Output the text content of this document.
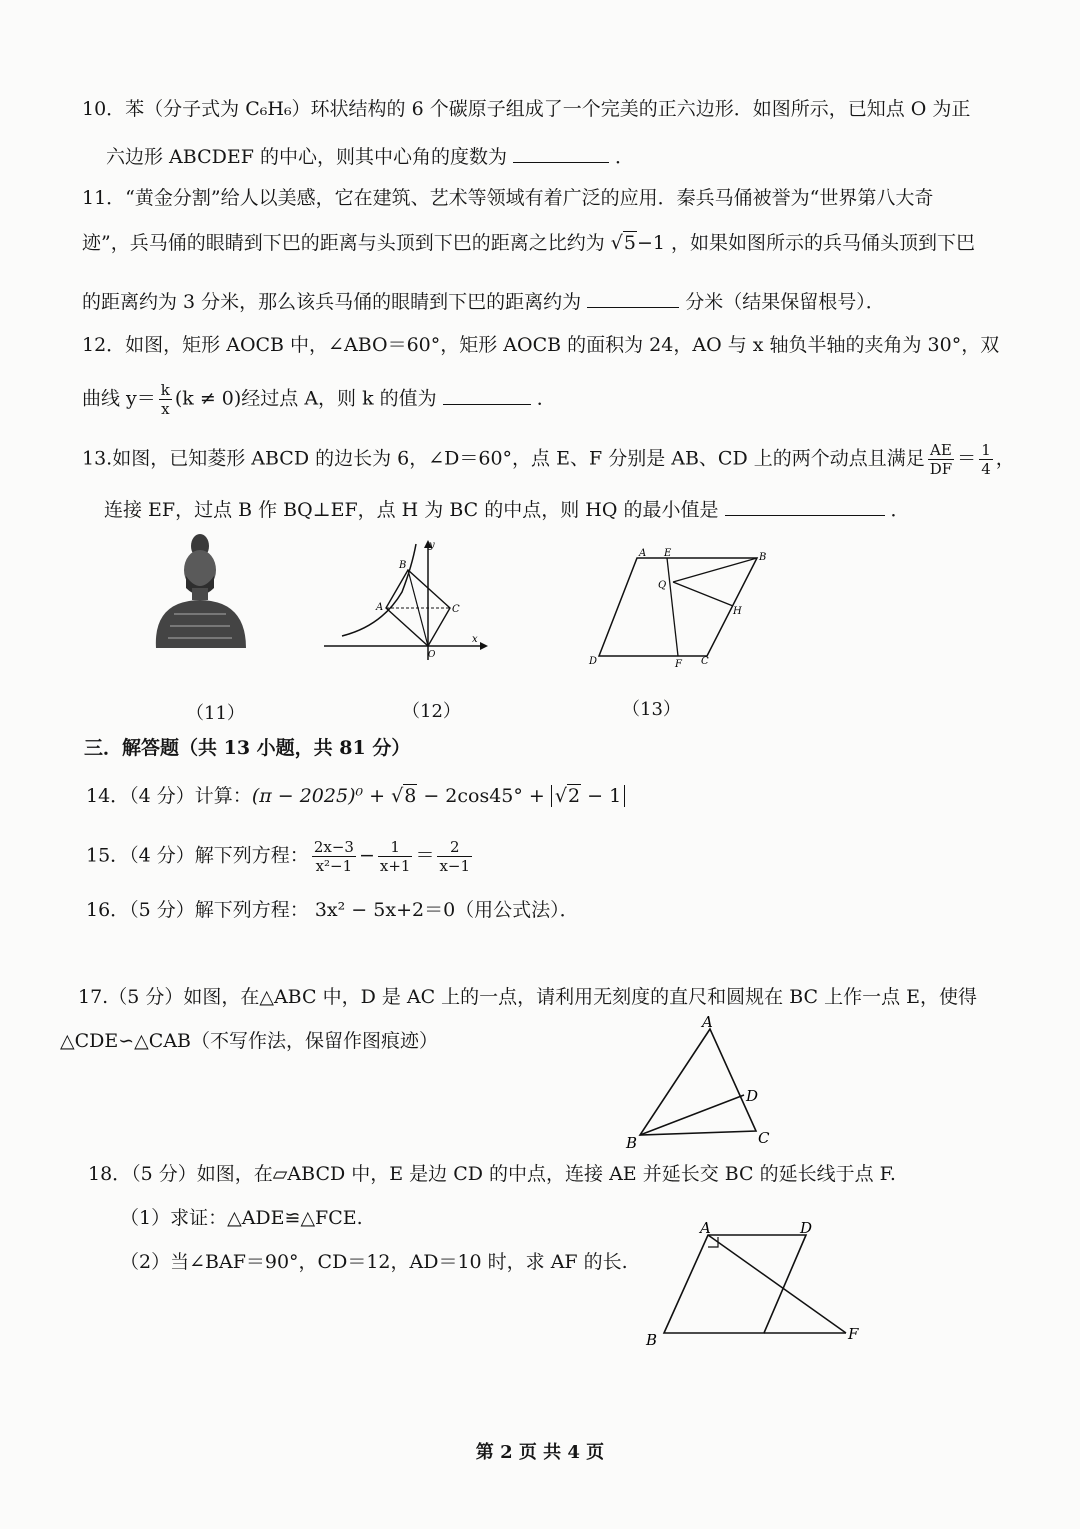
10．苯（分子式为 C₆H₆）环状结构的 6 个碳原子组成了一个完美的正六边形．如图所示，已知点 O 为正
六边形 ABCDEF 的中心，则其中心角的度数为	．
11．“黄金分割”给人以美感，它在建筑、艺术等领域有着广泛的应用．秦兵马俑被誉为“世界第八大奇
迹”，兵马俑的眼睛到下巴的距离与头顶到下巴的距离之比约为 √5−1 ，如果如图所示的兵马俑头顶到下巴
的距离约为 3 分米，那么该兵马俑的眼睛到下巴的距离约为	分米（结果保留根号）．
12．如图，矩形 AOCB 中，∠ABO＝60°，矩形 AOCB 的面积为 24，AO 与 x 轴负半轴的夹角为 30°，双
曲线 $y= \frac{k}{x} (k \ne 0)$经过点 A，则 k 的值为	．
13.如图，已知菱形 ABCD 的边长为 6，∠D＝60°，点 E、F 分别是 AB、CD 上的两个动点且满足 $\frac{AE}{DF} = \frac{1}{4}$ ，
连接 EF，过点 B 作 BQ⊥EF，点 H 为 BC 的中点，则 HQ 的最小值是	．
（11）
y
B
A	C
O
x
（12）
A E	B
Q
H
D	F C
（13）
三．解答题（共 13 小题，共 81 分）
14．（4 分）计算：(π − 2025)⁰ + √8 − 2cos45° + √2 − 1
15．（4 分）解下列方程： $\frac{2x-3}{\text{x²−1}} - \frac{1}{x+1} = \frac{2}{x-1}$
16．（5 分）解下列方程： 3x² − 5x+2＝0（用公式法）．
17.（5 分）如图，在△ABC 中，D 是 AC 上的一点，请利用无刻度的直尺和圆规在 BC 上作一点 E，使得
△CDE∽△CAB（不写作法，保留作图痕迹）
A
D
B	C
18．（5 分）如图，在▱ABCD 中，E 是边 CD 的中点，连接 AE 并延长交 BC 的延长线于点 F.
（1）求证：△ADE≌△FCE.
（2）当∠BAF＝90°，CD＝12，AD＝10 时，求 AF 的长.
A	D
B	F
第 2 页 共 4 页
